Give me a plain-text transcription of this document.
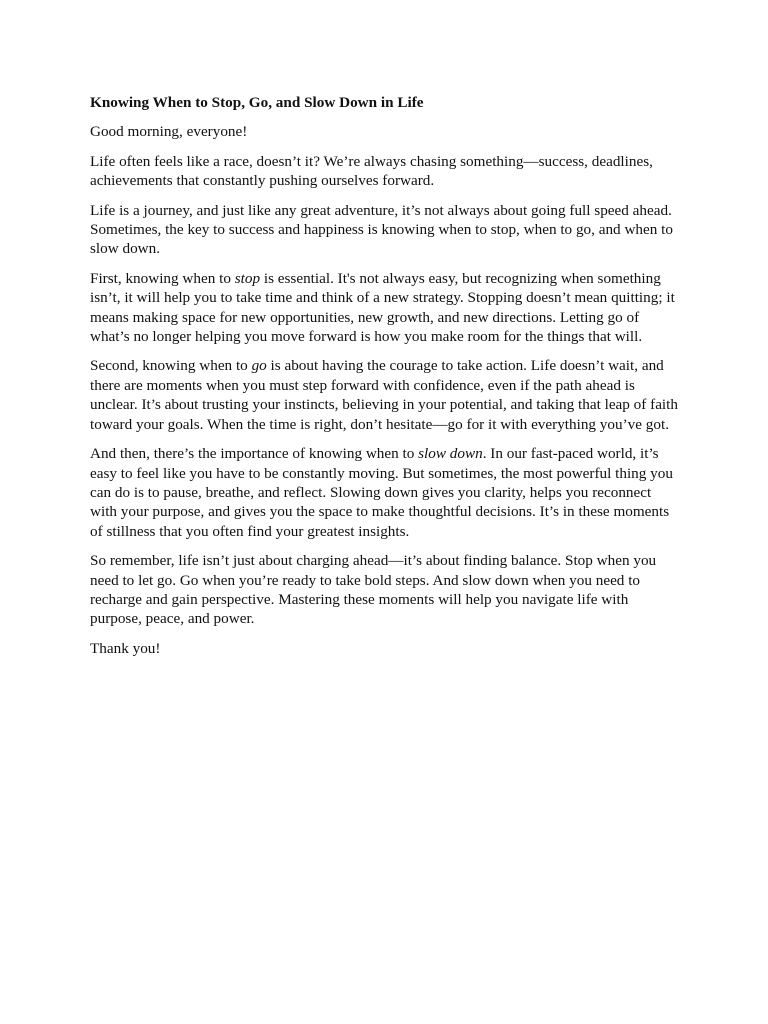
Knowing When to Stop, Go, and Slow Down in Life

Good morning, everyone!

Life often feels like a race, doesn’t it? We’re always chasing something—success, deadlines, achievements that constantly pushing ourselves forward.

Life is a journey, and just like any great adventure, it’s not always about going full speed ahead. Sometimes, the key to success and happiness is knowing when to stop, when to go, and when to slow down.

First, knowing when to stop is essential. It's not always easy, but recognizing when something isn’t, it will help you to take time and think of a new strategy. Stopping doesn’t mean quitting; it means making space for new opportunities, new growth, and new directions. Letting go of what’s no longer helping you move forward is how you make room for the things that will.

Second, knowing when to go is about having the courage to take action. Life doesn’t wait, and there are moments when you must step forward with confidence, even if the path ahead is unclear. It’s about trusting your instincts, believing in your potential, and taking that leap of faith toward your goals. When the time is right, don’t hesitate—go for it with everything you’ve got.

And then, there’s the importance of knowing when to slow down. In our fast-paced world, it’s easy to feel like you have to be constantly moving. But sometimes, the most powerful thing you can do is to pause, breathe, and reflect. Slowing down gives you clarity, helps you reconnect with your purpose, and gives you the space to make thoughtful decisions. It’s in these moments of stillness that you often find your greatest insights.

So remember, life isn’t just about charging ahead—it’s about finding balance. Stop when you need to let go. Go when you’re ready to take bold steps. And slow down when you need to recharge and gain perspective. Mastering these moments will help you navigate life with purpose, peace, and power.

Thank you!
